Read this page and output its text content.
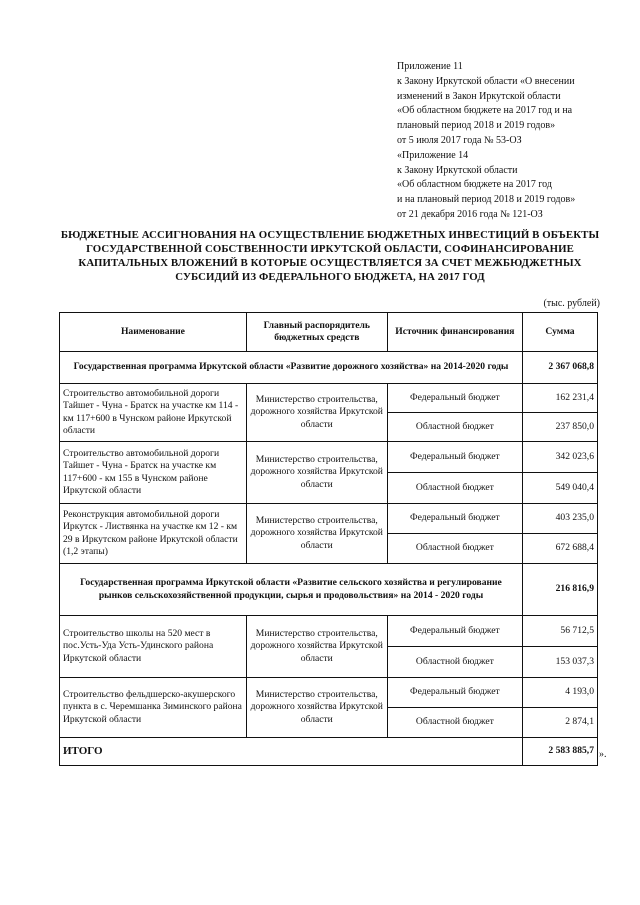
Приложение 11
к Закону Иркутской области «О внесении
изменений в Закон Иркутской области
«Об областном бюджете на 2017 год и на
плановый период 2018 и 2019 годов»
от 5 июля 2017 года № 53-ОЗ
«Приложение 14
к Закону Иркутской области
«Об областном бюджете на 2017 год
и на плановый период 2018 и 2019 годов»
от 21 декабря 2016 года № 121-ОЗ
БЮДЖЕТНЫЕ АССИГНОВАНИЯ НА ОСУЩЕСТВЛЕНИЕ БЮДЖЕТНЫХ ИНВЕСТИЦИЙ В ОБЪЕКТЫ
ГОСУДАРСТВЕННОЙ СОБСТВЕННОСТИ ИРКУТСКОЙ ОБЛАСТИ, СОФИНАНСИРОВАНИЕ
КАПИТАЛЬНЫХ ВЛОЖЕНИЙ В КОТОРЫЕ ОСУЩЕСТВЛЯЕТСЯ ЗА СЧЕТ МЕЖБЮДЖЕТНЫХ
СУБСИДИЙ ИЗ ФЕДЕРАЛЬНОГО БЮДЖЕТА, НА 2017 ГОД
(тыс. рублей)
Наименование	Главный распорядитель бюджетных средств	Источник финансирования	Сумма
Государственная программа Иркутской области «Развитие дорожного хозяйства» на 2014-2020 годы			2 367 068,8
Строительство автомобильной дороги Тайшет - Чуна - Братск на участке км 114 - км 117+600 в Чунском районе Иркутской области	Министерство строительства, дорожного хозяйства Иркутской области	Федеральный бюджет	162 231,4
		Областной бюджет	237 850,0
Строительство автомобильной дороги Тайшет - Чуна - Братск на участке км 117+600 - км 155 в Чунском районе Иркутской области	Министерство строительства, дорожного хозяйства Иркутской области	Федеральный бюджет	342 023,6
		Областной бюджет	549 040,4
Реконструкция автомобильной дороги Иркутск - Листвянка на участке км 12 - км 29 в Иркутском районе Иркутской области (1,2 этапы)	Министерство строительства, дорожного хозяйства Иркутской области	Федеральный бюджет	403 235,0
		Областной бюджет	672 688,4
Государственная программа Иркутской области «Развитие сельского хозяйства и регулирование рынков сельскохозяйственной продукции, сырья и продовольствия» на 2014 - 2020 годы			216 816,9
Строительство школы на 520 мест в пос.Усть-Уда Усть-Удинского района Иркутской области	Министерство строительства, дорожного хозяйства Иркутской области	Федеральный бюджет	56 712,5
		Областной бюджет	153 037,3
Строительство фельдшерско-акушерского пункта в с. Черемшанка Зиминского района Иркутской области	Министерство строительства, дорожного хозяйства Иркутской области	Федеральный бюджет	4 193,0
		Областной бюджет	2 874,1
ИТОГО			2 583 885,7 ».
